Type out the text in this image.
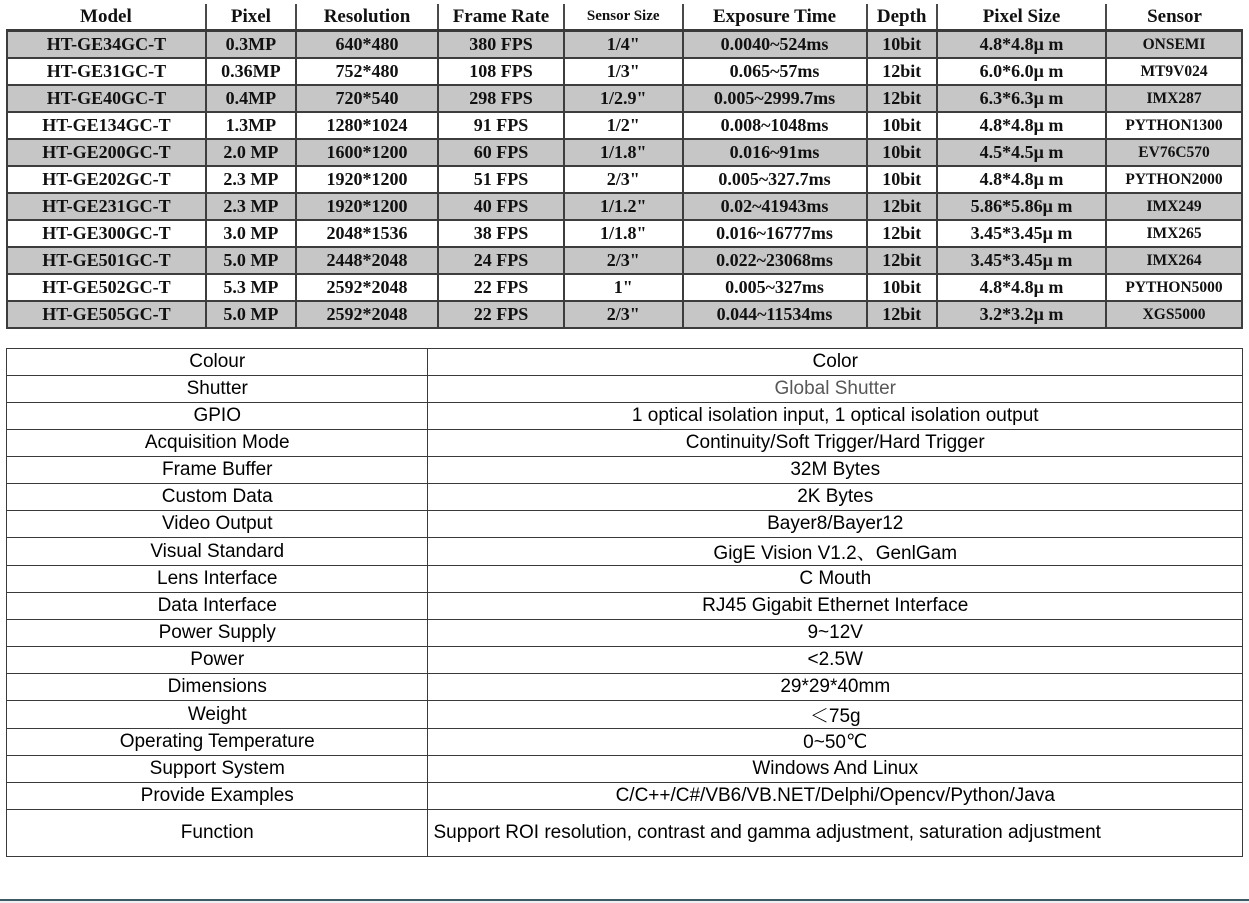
Model	Pixel	Resolution	Frame Rate	Sensor Size	Exposure Time	Depth	Pixel Size	Sensor
HT-GE34GC-T	0.3MP	640*480	380 FPS	1/4"	0.0040~524ms	10bit	4.8*4.8μ m	ONSEMI
HT-GE31GC-T	0.36MP	752*480	108 FPS	1/3"	0.065~57ms	12bit	6.0*6.0μ m	MT9V024
HT-GE40GC-T	0.4MP	720*540	298 FPS	1/2.9"	0.005~2999.7ms	12bit	6.3*6.3μ m	IMX287
HT-GE134GC-T	1.3MP	1280*1024	91 FPS	1/2"	0.008~1048ms	10bit	4.8*4.8μ m	PYTHON1300
HT-GE200GC-T	2.0 MP	1600*1200	60 FPS	1/1.8"	0.016~91ms	10bit	4.5*4.5μ m	EV76C570
HT-GE202GC-T	2.3 MP	1920*1200	51 FPS	2/3"	0.005~327.7ms	10bit	4.8*4.8μ m	PYTHON2000
HT-GE231GC-T	2.3 MP	1920*1200	40 FPS	1/1.2"	0.02~41943ms	12bit	5.86*5.86μ m	IMX249
HT-GE300GC-T	3.0 MP	2048*1536	38 FPS	1/1.8"	0.016~16777ms	12bit	3.45*3.45μ m	IMX265
HT-GE501GC-T	5.0 MP	2448*2048	24 FPS	2/3"	0.022~23068ms	12bit	3.45*3.45μ m	IMX264
HT-GE502GC-T	5.3 MP	2592*2048	22 FPS	1"	0.005~327ms	10bit	4.8*4.8μ m	PYTHON5000
HT-GE505GC-T	5.0 MP	2592*2048	22 FPS	2/3"	0.044~11534ms	12bit	3.2*3.2μ m	XGS5000
Colour	Color
Shutter	Global Shutter
GPIO	1 optical isolation input, 1 optical isolation output
Acquisition Mode	Continuity/Soft Trigger/Hard Trigger
Frame Buffer	32M Bytes
Custom Data	2K Bytes
Video Output	Bayer8/Bayer12
Visual Standard	GigE Vision V1.2、GenlGam
Lens Interface	C Mouth
Data Interface	RJ45 Gigabit Ethernet Interface
Power Supply	9~12V
Power	<2.5W
Dimensions	29*29*40mm
Weight	＜75g
Operating Temperature	0~50℃
Support System	Windows And Linux
Provide Examples	C/C++/C#/VB6/VB.NET/Delphi/Opencv/Python/Java
Function	Support ROI resolution, contrast and gamma adjustment, saturation adjustment
